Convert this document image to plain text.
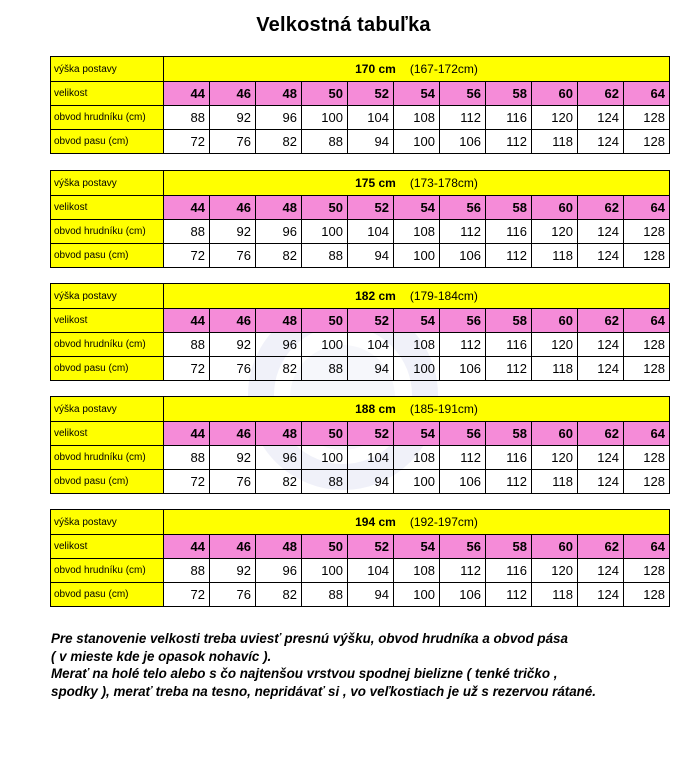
Velkostná tabuľka
výška postavy	170 cm (167-172cm)										
velikost	44	46	48	50	52	54	56	58	60	62	64
obvod hrudníku (cm)	88	92	96	100	104	108	112	116	120	124	128
obvod pasu (cm)	72	76	82	88	94	100	106	112	118	124	128
výška postavy	175 cm (173-178cm)										
velikost	44	46	48	50	52	54	56	58	60	62	64
obvod hrudníku (cm)	88	92	96	100	104	108	112	116	120	124	128
obvod pasu (cm)	72	76	82	88	94	100	106	112	118	124	128
výška postavy	182 cm (179-184cm)										
velikost	44	46	48	50	52	54	56	58	60	62	64
obvod hrudníku (cm)	88	92	96	100	104	108	112	116	120	124	128
obvod pasu (cm)	72	76	82	88	94	100	106	112	118	124	128
výška postavy	188 cm (185-191cm)										
velikost	44	46	48	50	52	54	56	58	60	62	64
obvod hrudníku (cm)	88	92	96	100	104	108	112	116	120	124	128
obvod pasu (cm)	72	76	82	88	94	100	106	112	118	124	128
výška postavy	194 cm (192-197cm)										
velikost	44	46	48	50	52	54	56	58	60	62	64
obvod hrudníku (cm)	88	92	96	100	104	108	112	116	120	124	128
obvod pasu (cm)	72	76	82	88	94	100	106	112	118	124	128
Pre stanovenie velkosti treba uviesť presnú výšku, obvod hrudníka a obvod pása
( v mieste kde je opasok nohavíc ).
Merať na holé telo alebo s čo najtenšou vrstvou spodnej bielizne ( tenké tričko ,
spodky ), merať treba na tesno, nepridávať si , vo veľkostiach je už s rezervou rátané.
